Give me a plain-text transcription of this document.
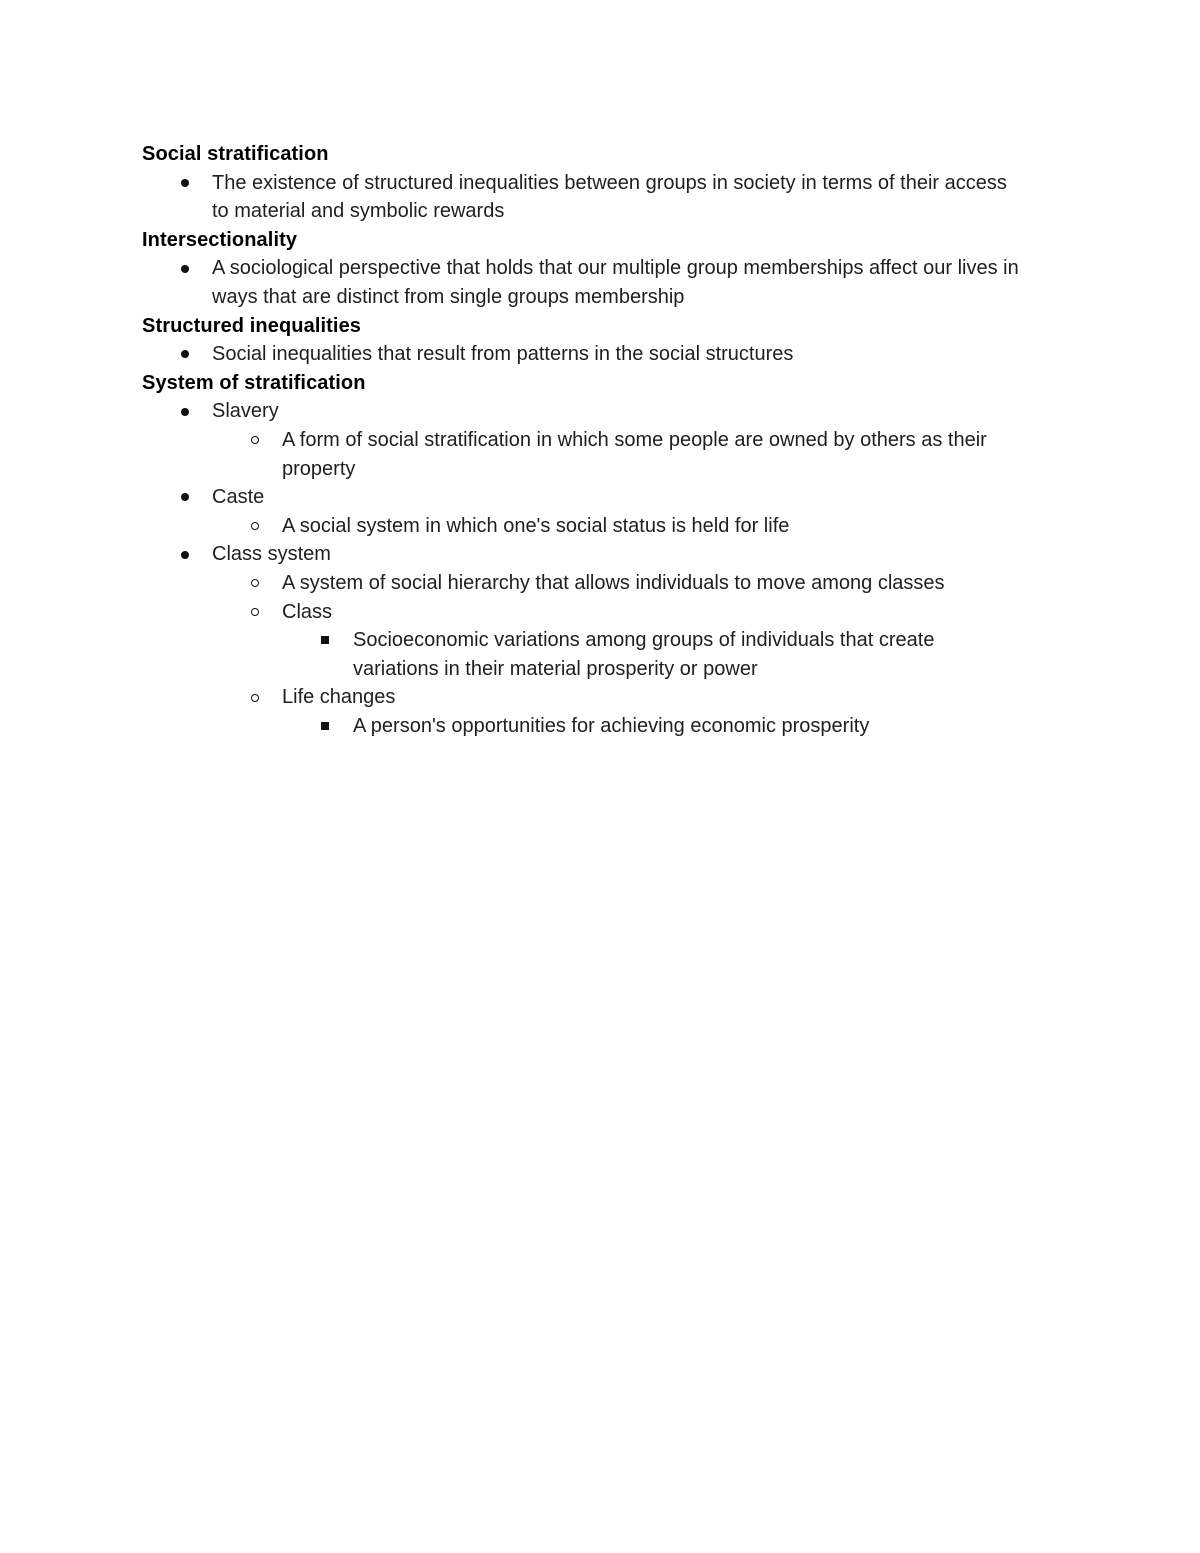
Social stratification
The existence of structured inequalities between groups in society in terms of their access to material and symbolic rewards
Intersectionality
A sociological perspective that holds that our multiple group memberships affect our lives in ways that are distinct from single groups membership
Structured inequalities
Social inequalities that result from patterns in the social structures
System of stratification
Slavery
A form of social stratification in which some people are owned by others as their property
Caste
A social system in which one's social status is held for life
Class system
A system of social hierarchy that allows individuals to move among classes
Class
Socioeconomic variations among groups of individuals that create variations in their material prosperity or power
Life changes
A person's opportunities for achieving economic prosperity
